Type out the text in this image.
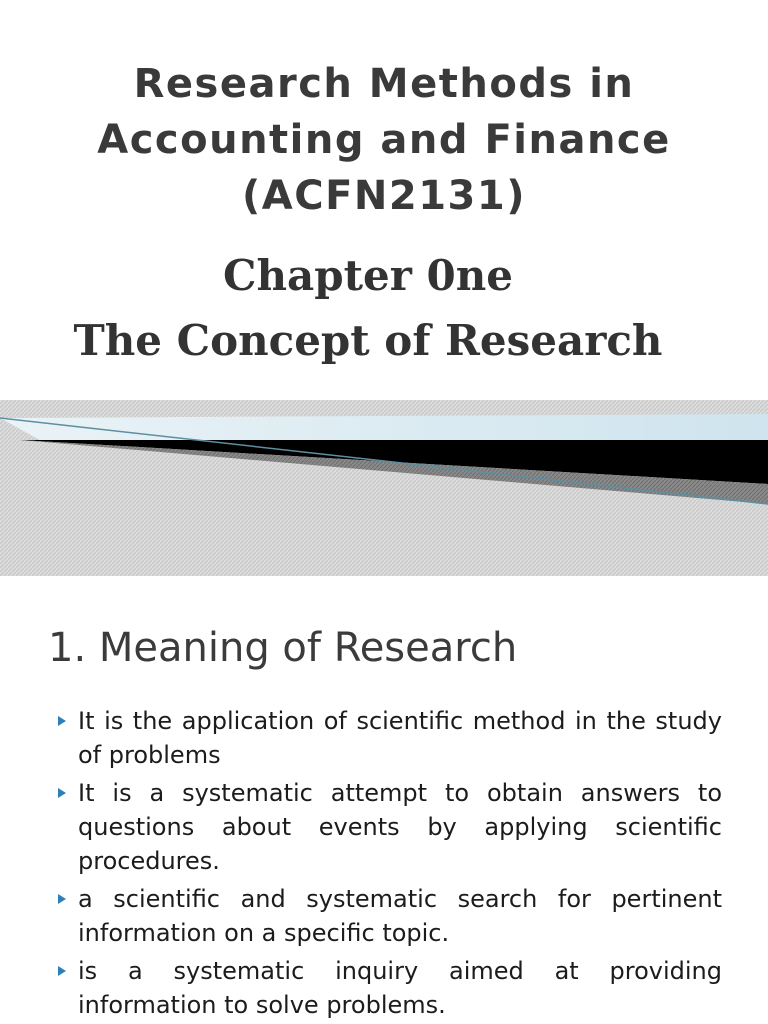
Research Methods in
Accounting and Finance
(ACFN2131)
Chapter 0ne
The Concept of Research
1. Meaning of Research
It is the application of scientific method in the study of problems
It is a systematic attempt to obtain answers to questions about events by applying scientific procedures.
a scientific and systematic search for pertinent information on a specific topic.
is a systematic inquiry aimed at providing information to solve problems.
